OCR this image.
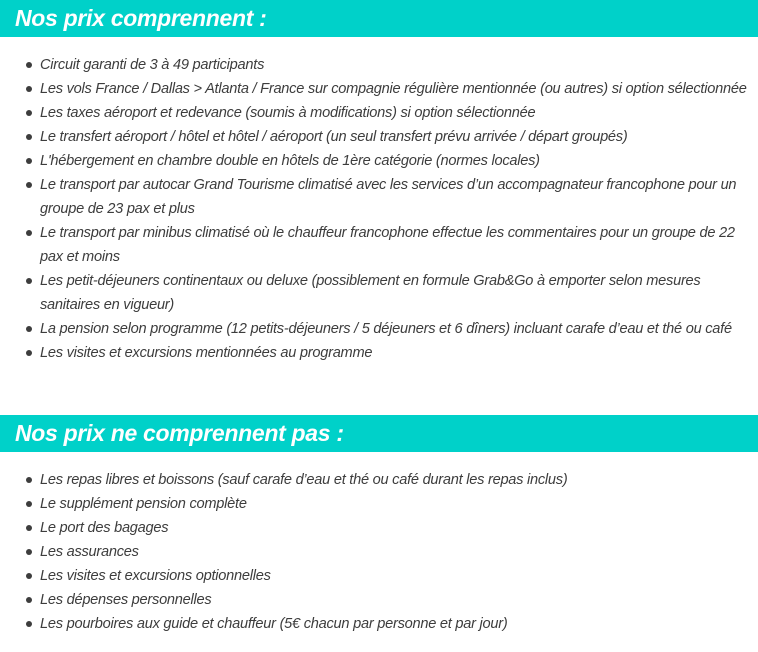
Nos prix comprennent :
Circuit garanti de 3 à 49 participants
Les vols France / Dallas > Atlanta / France sur compagnie régulière mentionnée (ou autres) si option sélectionnée
Les taxes aéroport et redevance (soumis à modifications) si option sélectionnée
Le transfert aéroport / hôtel et hôtel / aéroport (un seul transfert prévu arrivée / départ groupés)
L'hébergement en chambre double en hôtels de 1ère catégorie (normes locales)
Le transport par autocar Grand Tourisme climatisé avec les services d’un accompagnateur francophone pour un groupe de 23 pax et plus
Le transport par minibus climatisé où le chauffeur francophone effectue les commentaires pour un groupe de 22 pax et moins
Les petit-déjeuners continentaux ou deluxe (possiblement en formule Grab&Go à emporter selon mesures sanitaires en vigueur)
La pension selon programme (12 petits-déjeuners / 5 déjeuners et 6 dîners) incluant carafe d’eau et thé ou café
Les visites et excursions mentionnées au programme
Nos prix ne comprennent pas :
Les repas libres et boissons (sauf carafe d’eau et thé ou café durant les repas inclus)
Le supplément pension complète
Le port des bagages
Les assurances
Les visites et excursions optionnelles
Les dépenses personnelles
Les pourboires aux guide et chauffeur (5€ chacun par personne et par jour)
